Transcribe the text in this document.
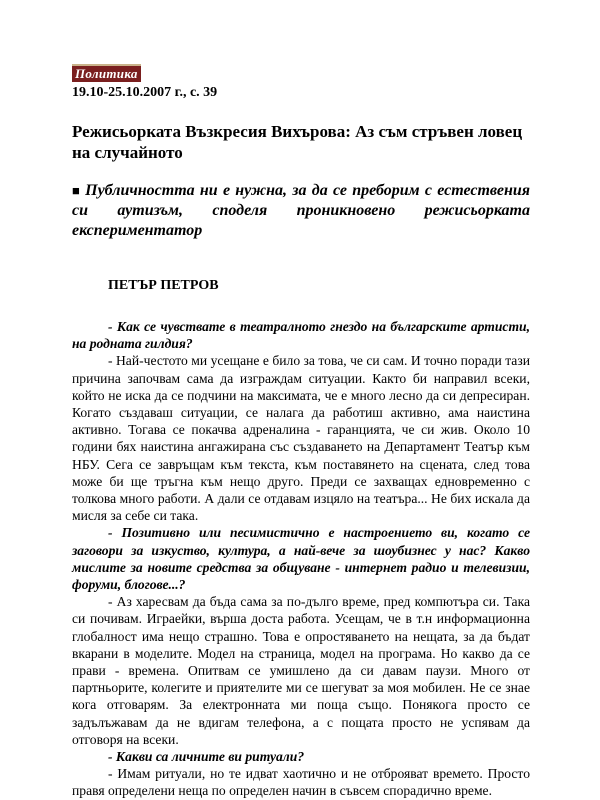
Политика
19.10-25.10.2007 г., с. 39
Режисьорката Възкресия Вихърова: Аз съм стръвен ловец на случайното
■ Публичността ни е нужна, за да се преборим с естествения си аутизъм, споделя проникновено режисьорката експериментатор
ПЕТЪР ПЕТРОВ

- Как се чувствате в театралното гнездо на българските артисти, на родната гилдия?

- Най-честото ми усещане е било за това, че си сам. И точно поради тази причина започвам сама да изграждам ситуации. Както би направил всеки, който не иска да се подчини на максимата, че е много лесно да си депресиран. Когато създаваш ситуации, се налага да работиш активно, ама наистина активно. Тогава се покачва адреналина - гаранцията, че си жив. Около 10 години бях наистина ангажирана със създаването на Департамент Театър към НБУ. Сега се завръщам към текста, към поставянето на сцената, след това може би ще тръгна към нещо друго. Преди се захващах едновременно с толкова много работи. А дали се отдавам изцяло на театъра... Не бих искала да мисля за себе си така.

- Позитивно или песимистично е настроението ви, когато се заговори за изкуство, култура, а най-вече за шоубизнес у нас? Какво мислите за новите средства за общуване - интернет радио и телевизии, форуми, блогове...?

- Аз харесвам да бъда сама за по-дълго време, пред компютъра си. Така си почивам. Играейки, върша доста работа. Усещам, че в т.н информационна глобалност има нещо страшно. Това е опростяването на нещата, за да бъдат вкарани в моделите. Модел на страница, модел на програма. Но какво да се прави - времена. Опитвам се умишлено да си давам паузи. Много от партньорите, колегите и приятелите ми се шегуват за моя мобилен. Не се знае кога отговарям. За електронната ми поща също. Понякога просто се задълъжавам да не вдигам телефона, а с пощата просто не успявам да отговоря на всеки.

- Какви са личните ви ритуали?

- Имам ритуали, но те идват хаотично и не отброяват времето. Просто правя определени неща по определен начин в съвсем спорадично време.
